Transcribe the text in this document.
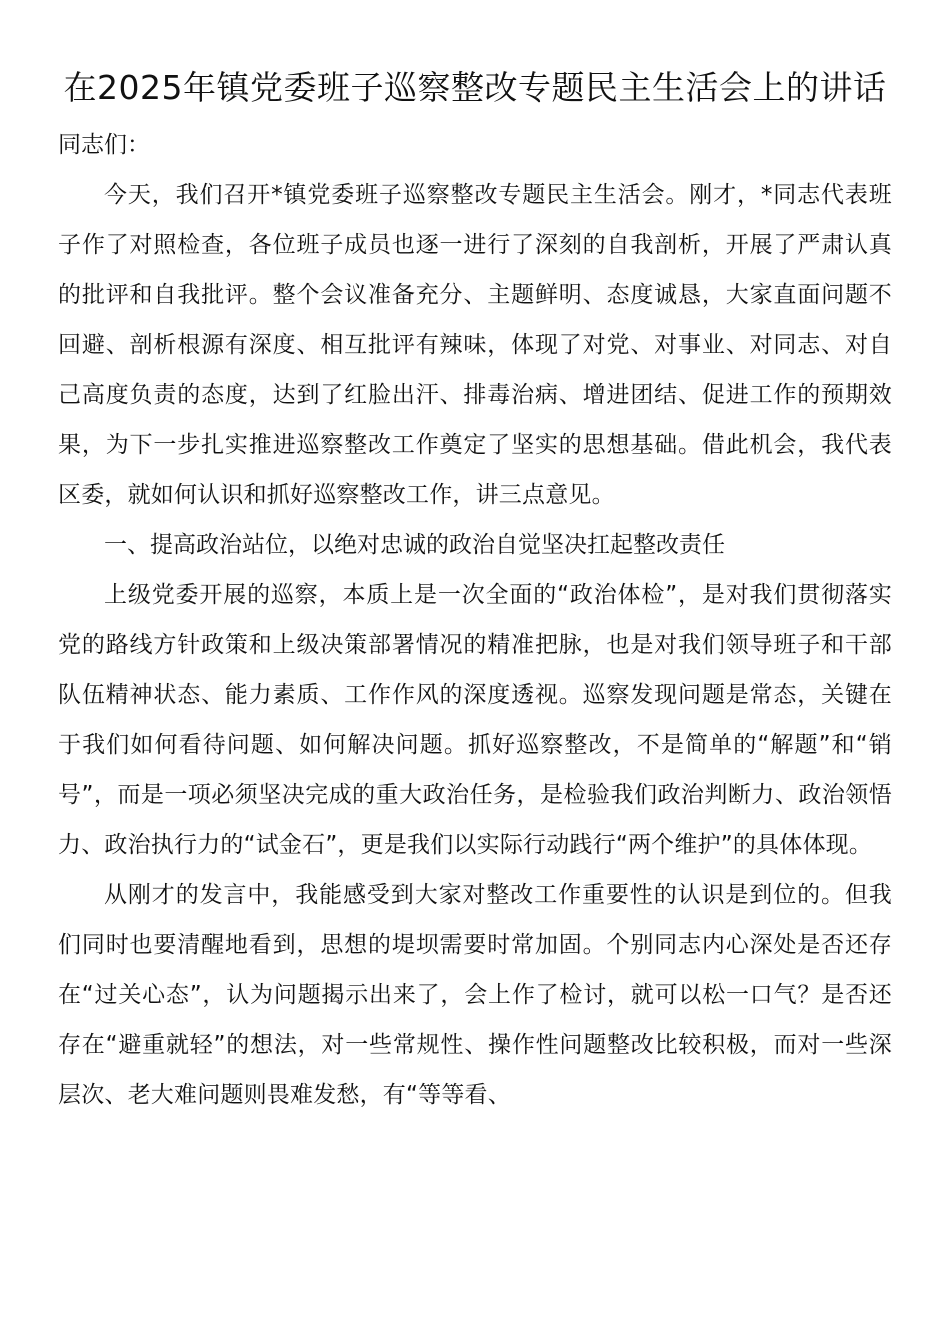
在2025年镇党委班子巡察整改专题民主生活会上的讲话

同志们：

今天，我们召开*镇党委班子巡察整改专题民主生活会。刚才，*同志代表班子作了对照检查，各位班子成员也逐一进行了深刻的自我剖析，开展了严肃认真的批评和自我批评。整个会议准备充分、主题鲜明、态度诚恳，大家直面问题不回避、剖析根源有深度、相互批评有辣味，体现了对党、对事业、对同志、对自己高度负责的态度，达到了红脸出汗、排毒治病、增进团结、促进工作的预期效果，为下一步扎实推进巡察整改工作奠定了坚实的思想基础。借此机会，我代表区委，就如何认识和抓好巡察整改工作，讲三点意见。

一、提高政治站位，以绝对忠诚的政治自觉坚决扛起整改责任

上级党委开展的巡察，本质上是一次全面的“政治体检”，是对我们贯彻落实党的路线方针政策和上级决策部署情况的精准把脉，也是对我们领导班子和干部队伍精神状态、能力素质、工作作风的深度透视。巡察发现问题是常态，关键在于我们如何看待问题、如何解决问题。抓好巡察整改，不是简单的“解题”和“销号”，而是一项必须坚决完成的重大政治任务，是检验我们政治判断力、政治领悟力、政治执行力的“试金石”，更是我们以实际行动践行“两个维护”的具体体现。

从刚才的发言中，我能感受到大家对整改工作重要性的认识是到位的。但我们同时也要清醒地看到，思想的堤坝需要时常加固。个别同志内心深处是否还存在“过关心态”，认为问题揭示出来了，会上作了检讨，就可以松一口气？是否还存在“避重就轻”的想法，对一些常规性、操作性问题整改比较积极，而对一些深层次、老大难问题则畏难发愁，有“等等看、
